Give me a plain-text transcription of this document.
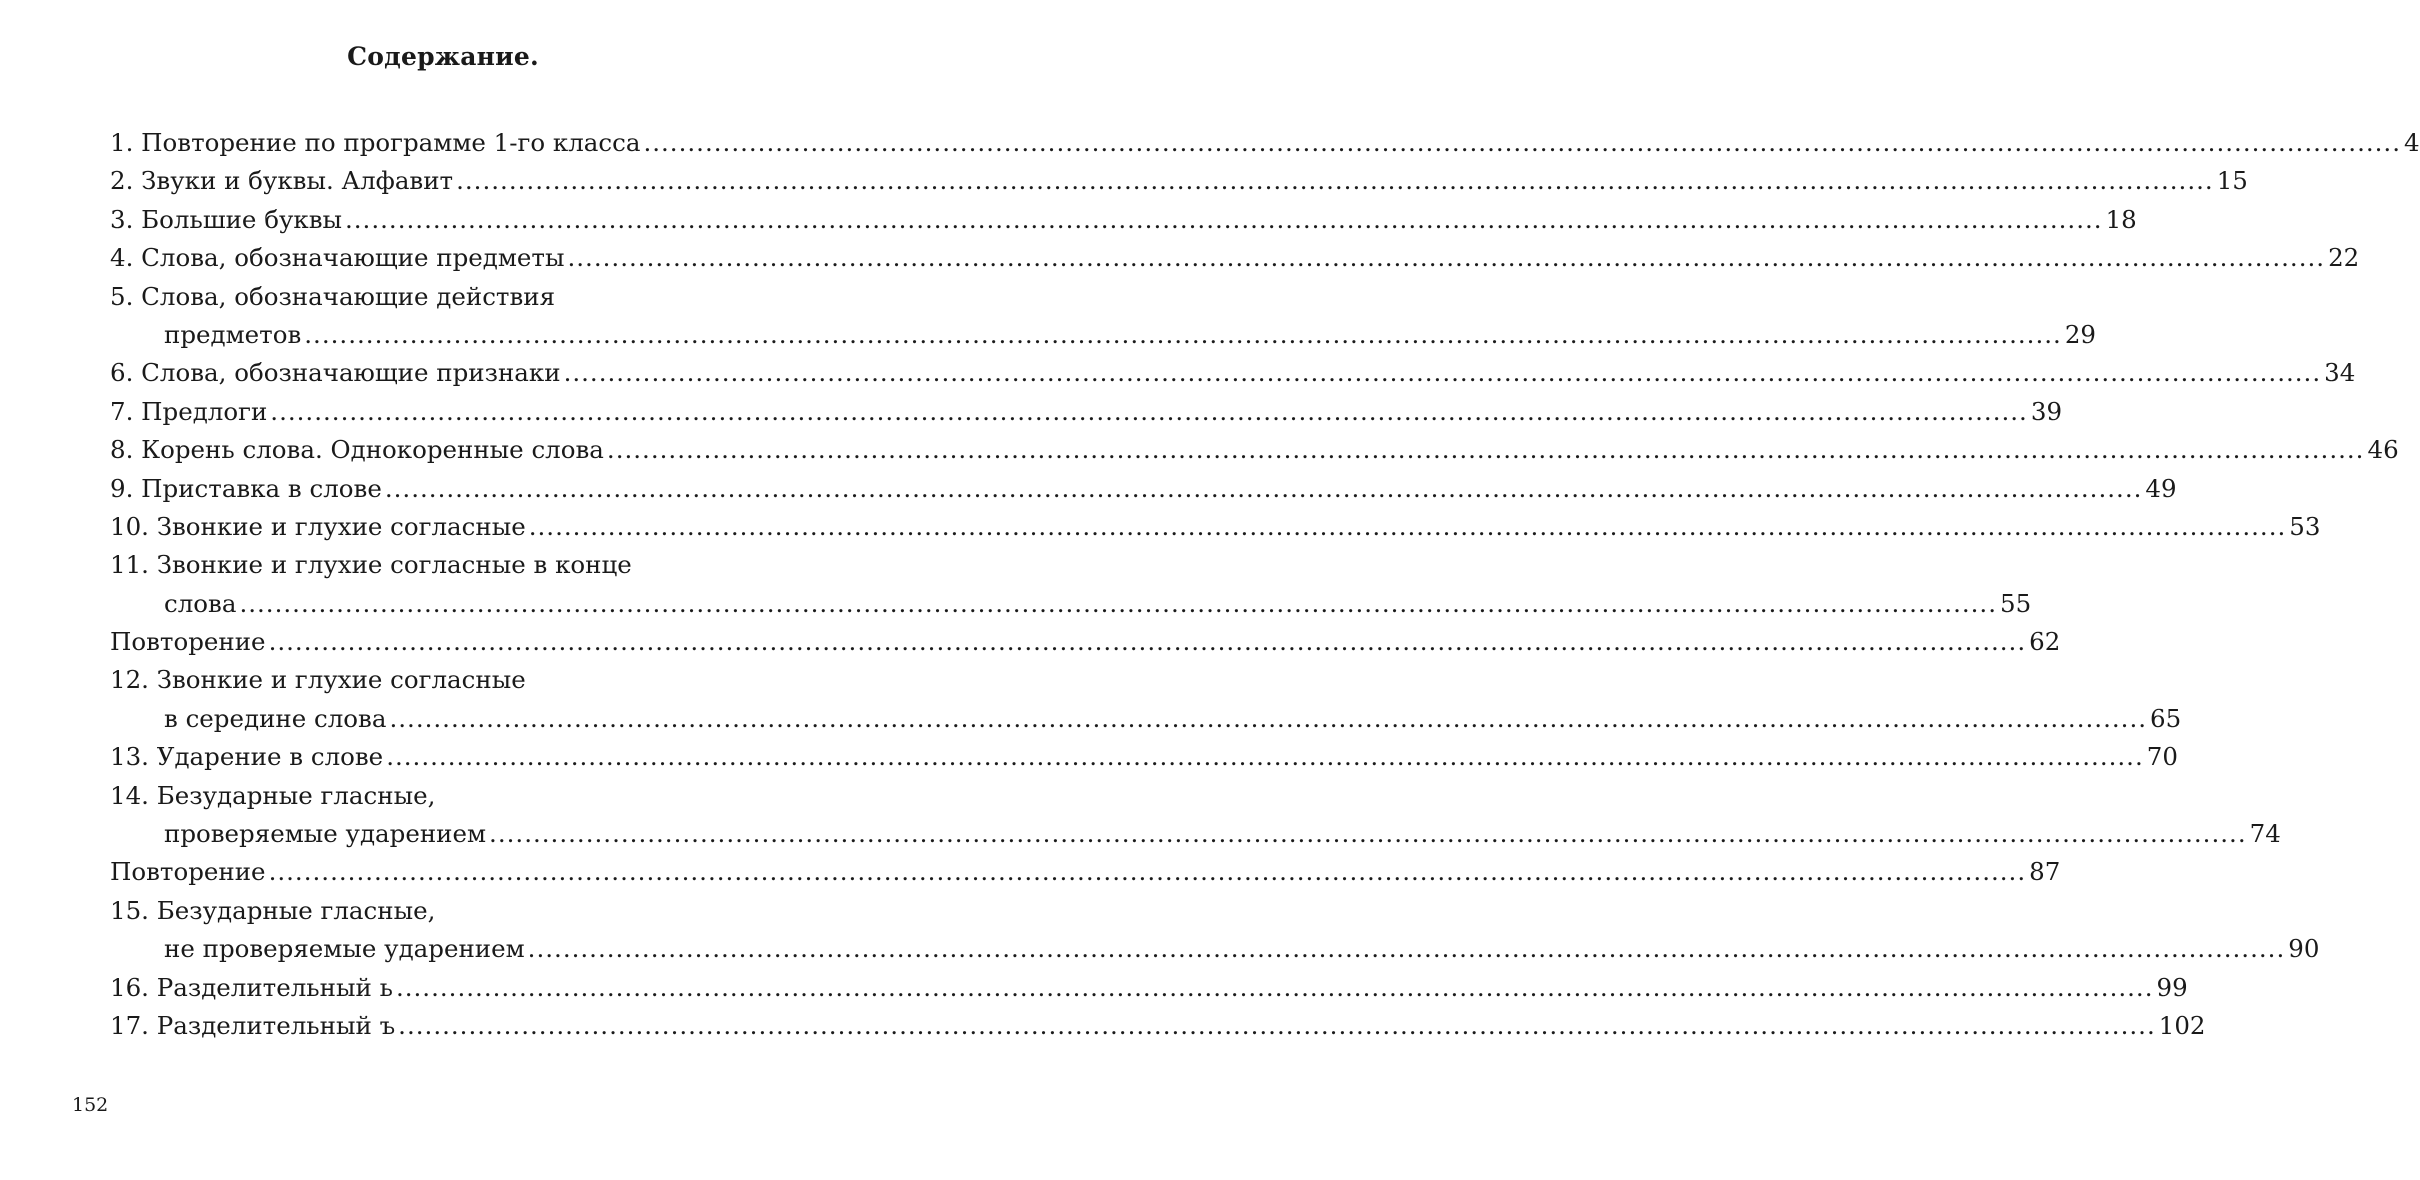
Содержание.
1. Повторение по программе 1-го класса ........................................................................................................................................................................................................ 4
2. Звуки и буквы. Алфавит ........................................................................................................................................................................................................ 15
3. Большие буквы ........................................................................................................................................................................................................ 18
4. Слова, обозначающие предметы ........................................................................................................................................................................................................ 22
5. Слова, обозначающие действия
предметов ........................................................................................................................................................................................................ 29
6. Слова, обозначающие признаки ........................................................................................................................................................................................................ 34
7. Предлоги ........................................................................................................................................................................................................ 39
8. Корень слова. Однокоренные слова ........................................................................................................................................................................................................ 46
9. Приставка в слове ........................................................................................................................................................................................................ 49
10. Звонкие и глухие согласные ........................................................................................................................................................................................................ 53
11. Звонкие и глухие согласные в конце
слова ........................................................................................................................................................................................................ 55
Повторение ........................................................................................................................................................................................................ 62
12. Звонкие и глухие согласные
в середине слова ........................................................................................................................................................................................................ 65
13. Ударение в слове ........................................................................................................................................................................................................ 70
14. Безударные гласные,
проверяемые ударением ........................................................................................................................................................................................................ 74
Повторение ........................................................................................................................................................................................................ 87
15. Безударные гласные,
не проверяемые ударением ........................................................................................................................................................................................................ 90
16. Разделительный ь ........................................................................................................................................................................................................ 99
17. Разделительный ъ ........................................................................................................................................................................................................ 102
152
